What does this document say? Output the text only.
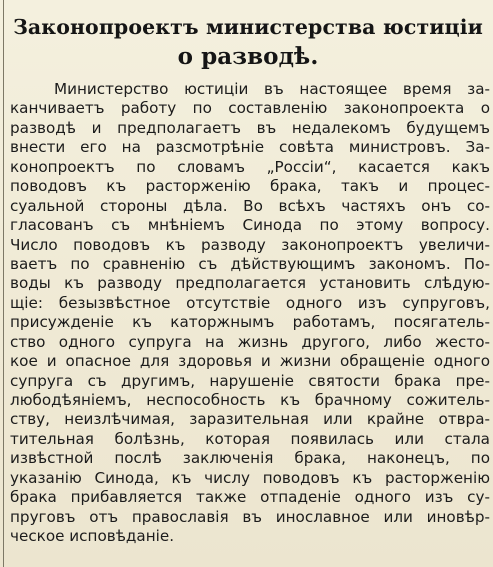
Законопроектъ министерства юстиціи
о разводѣ.
Министерство юстиціи въ настоящее время за-
канчиваетъ работу по составленію законопроекта о
разводѣ и предполагаетъ въ недалекомъ будущемъ
внести его на разсмотрѣніе совѣта министровъ. За-
конопроектъ по словамъ „Россіи“, касается какъ
поводовъ къ расторженію брака, такъ и процес-
суальной стороны дѣла. Во всѣхъ частяхъ онъ со-
гласованъ съ мнѣніемъ Синода по этому вопросу.
Число поводовъ къ разводу законопроектъ увеличи-
ваетъ по сравненію съ дѣйствующимъ закономъ. По-
воды къ разводу предполагается установить слѣдую-
щіе: безызвѣстное отсутствіе одного изъ супруговъ,
присужденіе къ каторжнымъ работамъ, посягатель-
ство одного супруга на жизнь другого, либо жесто-
кое и опасное для здоровья и жизни обращеніе одного
супруга съ другимъ, нарушеніе святости брака пре-
любодѣяніемъ, неспособность къ брачному сожитель-
ству, неизлѣчимая, заразительная или крайне отвра-
тительная болѣзнь, которая появилась или стала
извѣстной послѣ заключенія брака, наконецъ, по
указанію Синода, къ числу поводовъ къ расторженію
брака прибавляется также отпаденіе одного изъ су-
пруговъ отъ православія въ инославное или иновѣр-
ческое исповѣданіе.
